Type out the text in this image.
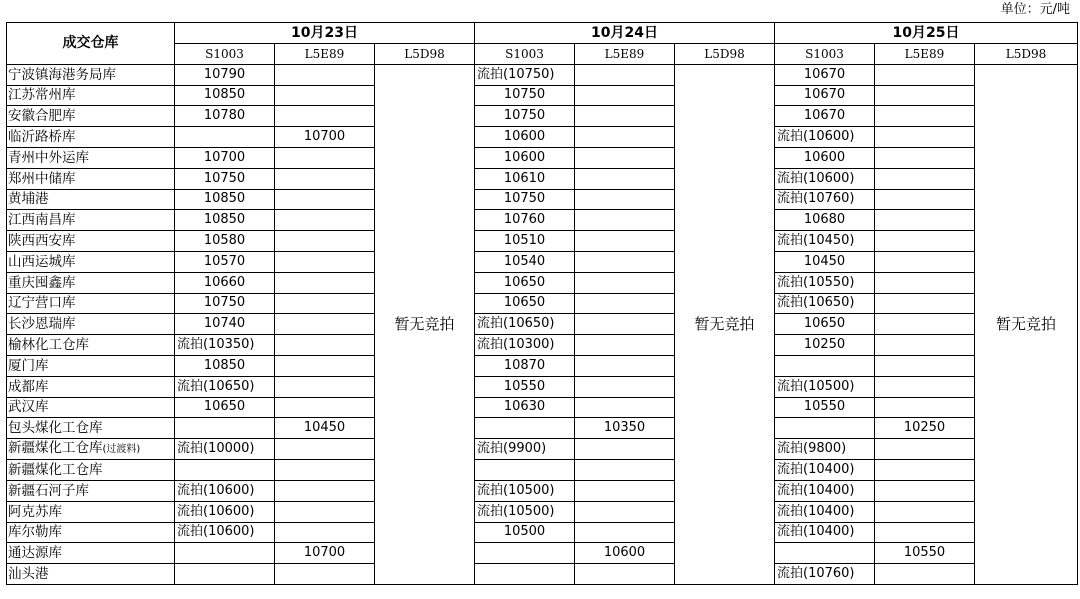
单位：元/吨
成交仓库	10月23日			10月24日			10月25日		
	S1003	L5E89	L5D98	S1003	L5E89	L5D98	S1003	L5E89	L5D98
宁波镇海港务局库	10790		暂无竞拍	流拍(10750)		暂无竞拍	10670		暂无竞拍
江苏常州库	10850			10750			10670		
安徽合肥库	10780			10750			10670		
临沂路桥库		10700		10600			流拍(10600)		
青州中外运库	10700			10600			10600		
郑州中储库	10750			10610			流拍(10600)		
黄埔港	10850			10750			流拍(10760)		
江西南昌库	10850			10760			10680		
陕西西安库	10580			10510			流拍(10450)		
山西运城库	10570			10540			10450		
重庆囤鑫库	10660			10650			流拍(10550)		
辽宁营口库	10750			10650			流拍(10650)		
长沙恩瑞库	10740			流拍(10650)			10650		
榆林化工仓库	流拍(10350)			流拍(10300)			10250		
厦门库	10850			10870					
成都库	流拍(10650)			10550			流拍(10500)		
武汉库	10650			10630			10550		
包头煤化工仓库		10450			10350			10250	
新疆煤化工仓库(过渡料)	流拍(10000)			流拍(9900)			流拍(9800)		
新疆煤化工仓库							流拍(10400)		
新疆石河子库	流拍(10600)			流拍(10500)			流拍(10400)		
阿克苏库	流拍(10600)			流拍(10500)			流拍(10400)		
库尔勒库	流拍(10600)			10500			流拍(10400)		
通达源库		10700			10600			10550	
汕头港							流拍(10760)		
